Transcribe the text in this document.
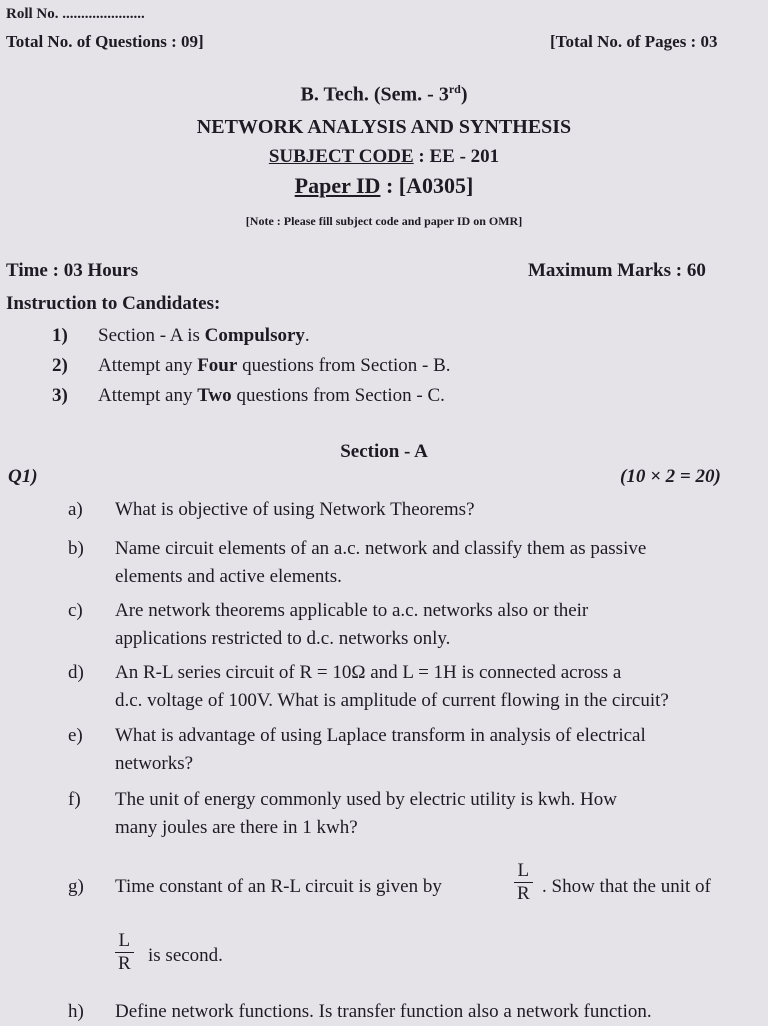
Roll No. ......................
Total No. of Questions : 09]	[Total No. of Pages : 03
B. Tech. (Sem. - 3rd)
NETWORK ANALYSIS AND SYNTHESIS
SUBJECT CODE : EE - 201
Paper ID : [A0305]
[Note : Please fill subject code and paper ID on OMR]
Time : 03 Hours	Maximum Marks : 60
Instruction to Candidates:
1) Section - A is Compulsory.
2) Attempt any Four questions from Section - B.
3) Attempt any Two questions from Section - C.
Section - A
Q1)	(10 × 2 = 20)
a) What is objective of using Network Theorems?
b) Name circuit elements of an a.c. network and classify them as passive
elements and active elements.
c) Are network theorems applicable to a.c. networks also or their
applications restricted to d.c. networks only.
d) An R-L series circuit of R = 10Ω and L = 1H is connected across a
d.c. voltage of 100V. What is amplitude of current flowing in the circuit?
e) What is advantage of using Laplace transform in analysis of electrical
networks?
f) The unit of energy commonly used by electric utility is kwh. How
many joules are there in 1 kwh?
g) Time constant of an R-L circuit is given by	$\frac{L}{R}$ . Show that the unit of
$\frac{L}{R}$ is second.
h) Define network functions. Is transfer function also a network function.
